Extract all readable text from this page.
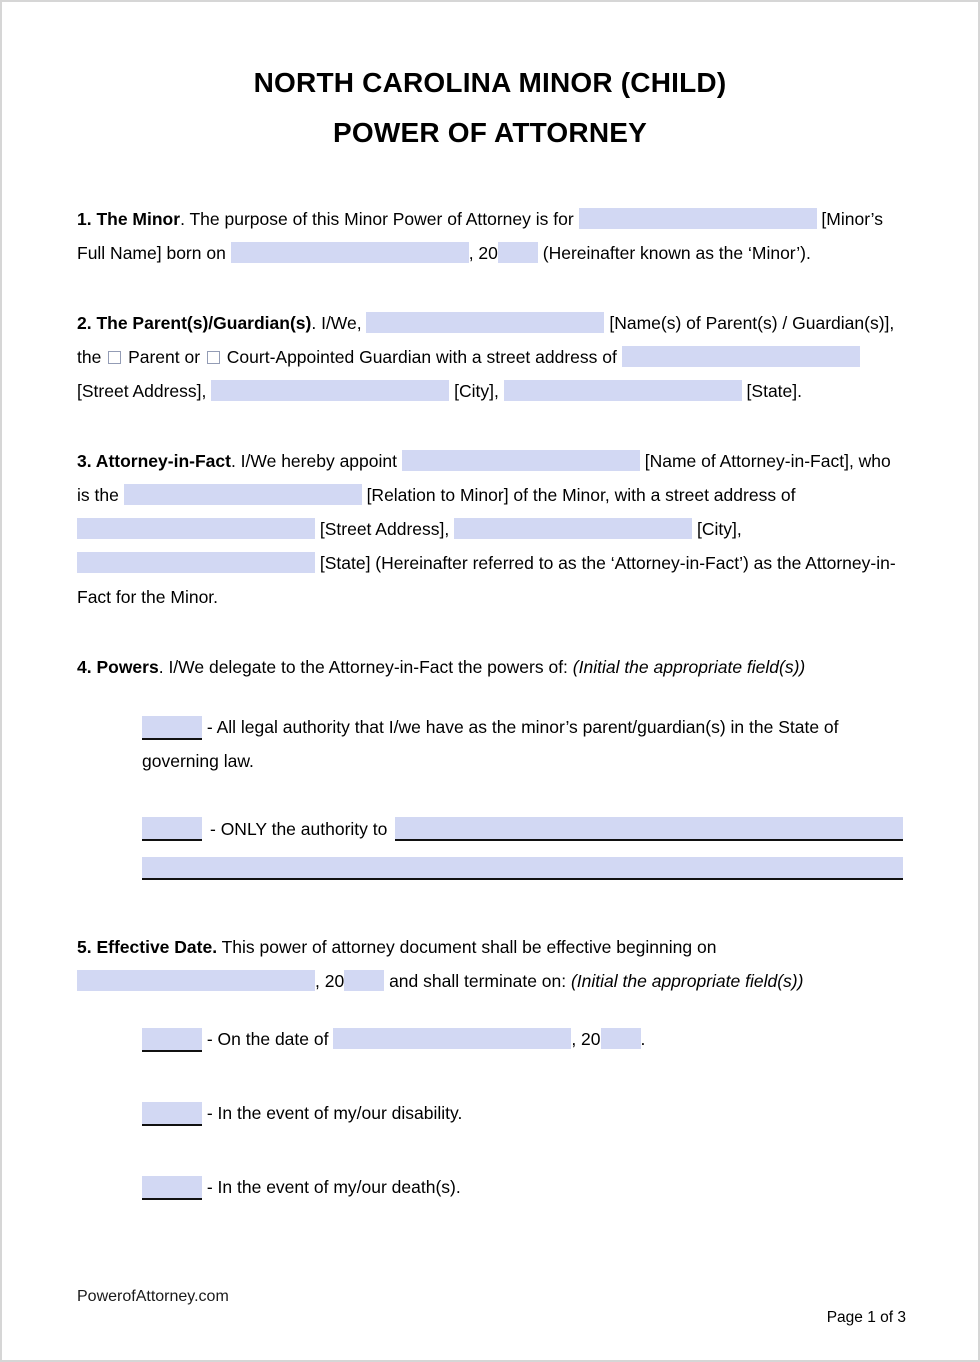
NORTH CAROLINA MINOR (CHILD)
POWER OF ATTORNEY

1. The Minor. The purpose of this Minor Power of Attorney is for	[Minor’s Full Name] born on	, 20 (Hereinafter known as the ‘Minor’).

2. The Parent(s)/Guardian(s). I/We,	[Name(s) of Parent(s) / Guardian(s)], the  Parent or  Court-Appointed Guardian with a street address of  [Street Address],	[City],	[State].

3. Attorney-in-Fact. I/We hereby appoint	[Name of Attorney-in-Fact], who is the	[Relation to Minor] of the Minor, with a street address of  [Street Address],	[City],  [State] (Hereinafter referred to as the ‘Attorney-in-Fact’) as the Attorney-in-Fact for the Minor.

4. Powers. I/We delegate to the Attorney-in-Fact the powers of: (Initial the appropriate field(s))

- All legal authority that I/we have as the minor’s parent/guardian(s) in the State of governing law.

- ONLY the authority to

5. Effective Date. This power of attorney document shall be effective beginning on , 20 and shall terminate on: (Initial the appropriate field(s))

- On the date of	, 20 .

- In the event of my/our disability.

- In the event of my/our death(s).

PowerofAttorney.com
Page 1 of 3
